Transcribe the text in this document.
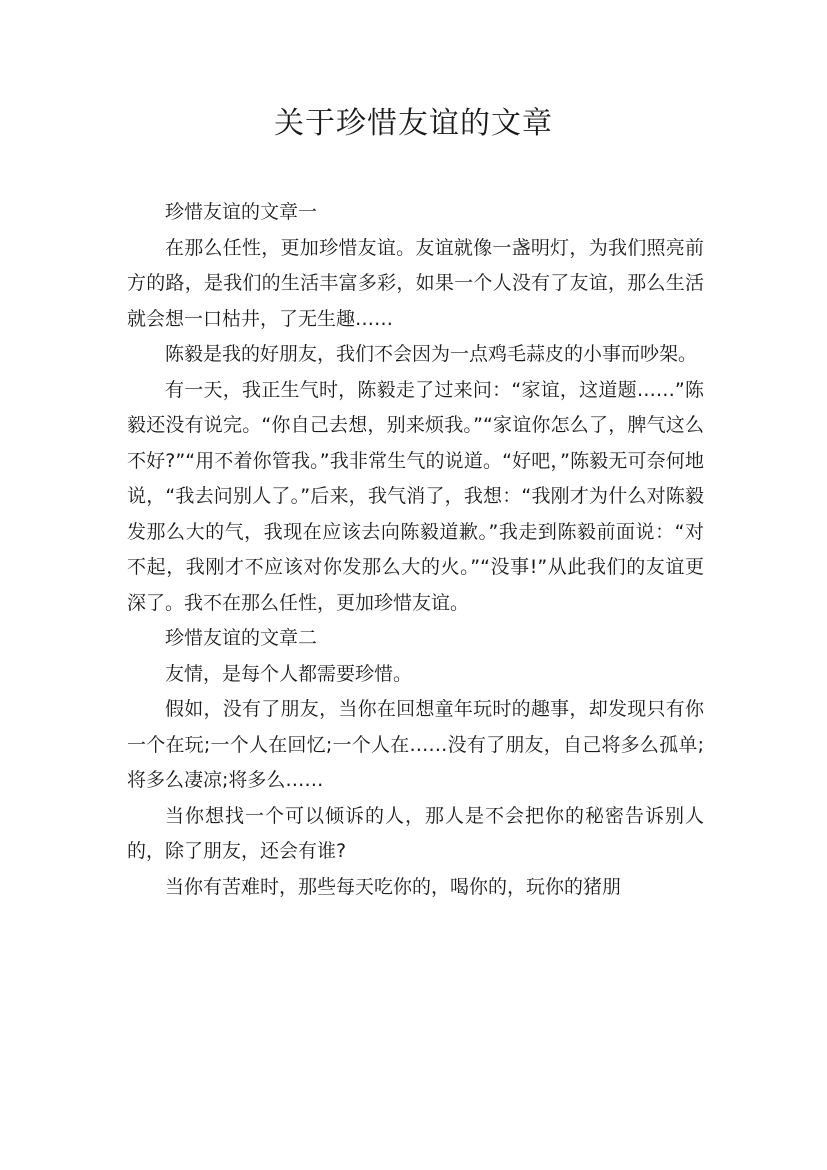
关于珍惜友谊的文章

珍惜友谊的文章一

在那么任性，更加珍惜友谊。友谊就像一盏明灯，为我们照亮前方的路，是我们的生活丰富多彩，如果一个人没有了友谊，那么生活就会想一口枯井，了无生趣……

陈毅是我的好朋友，我们不会因为一点鸡毛蒜皮的小事而吵架。

有一天，我正生气时，陈毅走了过来问：“家谊，这道题……”陈毅还没有说完。“你自己去想，别来烦我。”“家谊你怎么了，脾气这么不好?”“用不着你管我。”我非常生气的说道。“好吧，”陈毅无可奈何地说，“我去问别人了。”后来，我气消了，我想：“我刚才为什么对陈毅发那么大的气，我现在应该去向陈毅道歉。”我走到陈毅前面说：“对不起，我刚才不应该对你发那么大的火。”“没事!”从此我们的友谊更深了。我不在那么任性，更加珍惜友谊。

珍惜友谊的文章二

友情，是每个人都需要珍惜。

假如，没有了朋友，当你在回想童年玩时的趣事，却发现只有你一个在玩;一个人在回忆;一个人在……没有了朋友，自己将多么孤单;将多么凄凉;将多么……

当你想找一个可以倾诉的人，那人是不会把你的秘密告诉别人的，除了朋友，还会有谁?

当你有苦难时，那些每天吃你的，喝你的，玩你的猪朋
